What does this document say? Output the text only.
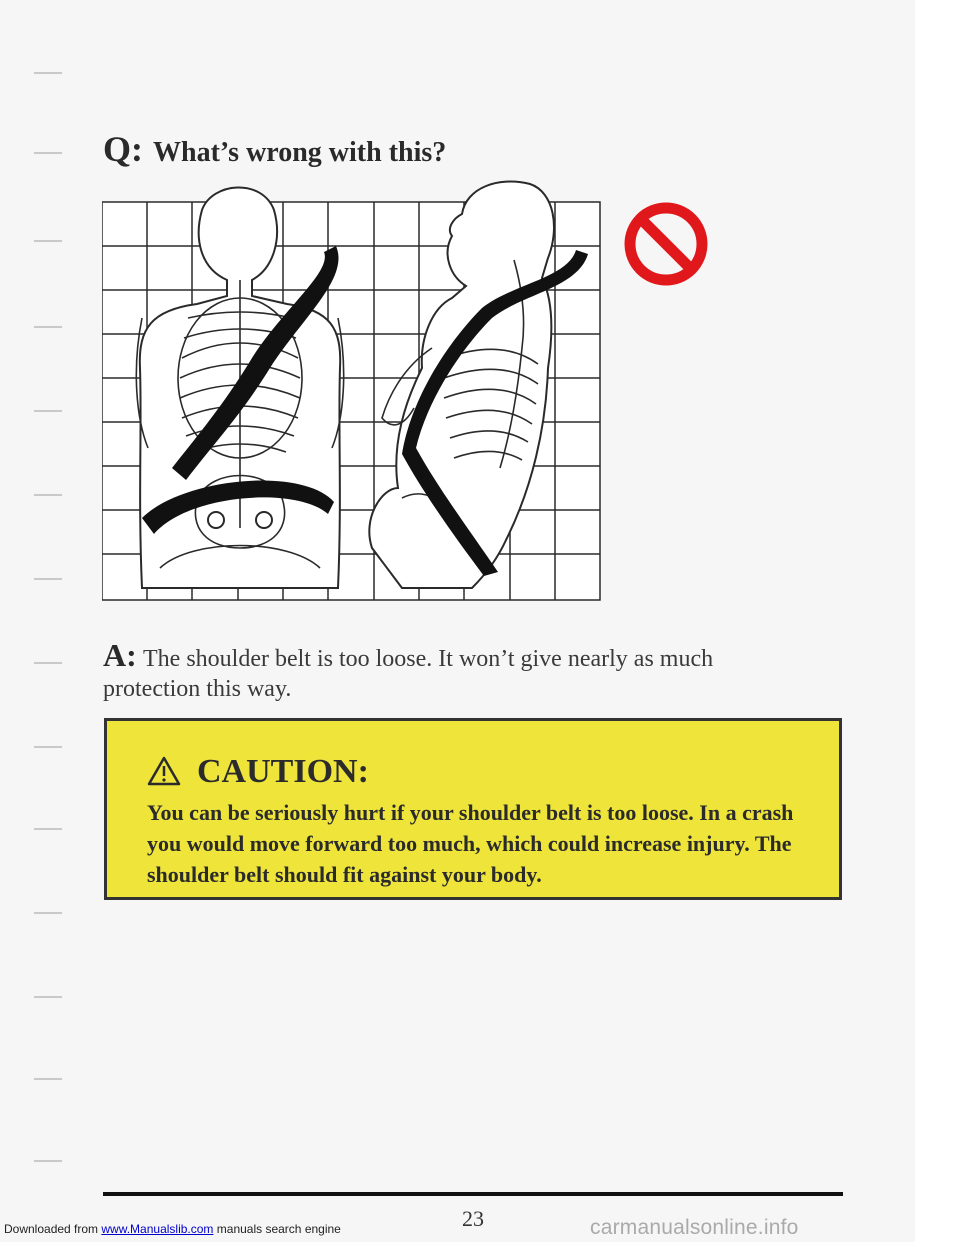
Q: What’s wrong with this?
A: The shoulder belt is too loose. It won’t give nearly as much protection this way.
CAUTION:
You can be seriously hurt if your shoulder belt is too loose. In a crash you would move forward too much, which could increase injury. The shoulder belt should fit against your body.
23
Downloaded from www.Manualslib.com manuals search engine	carmanualsonline.info
